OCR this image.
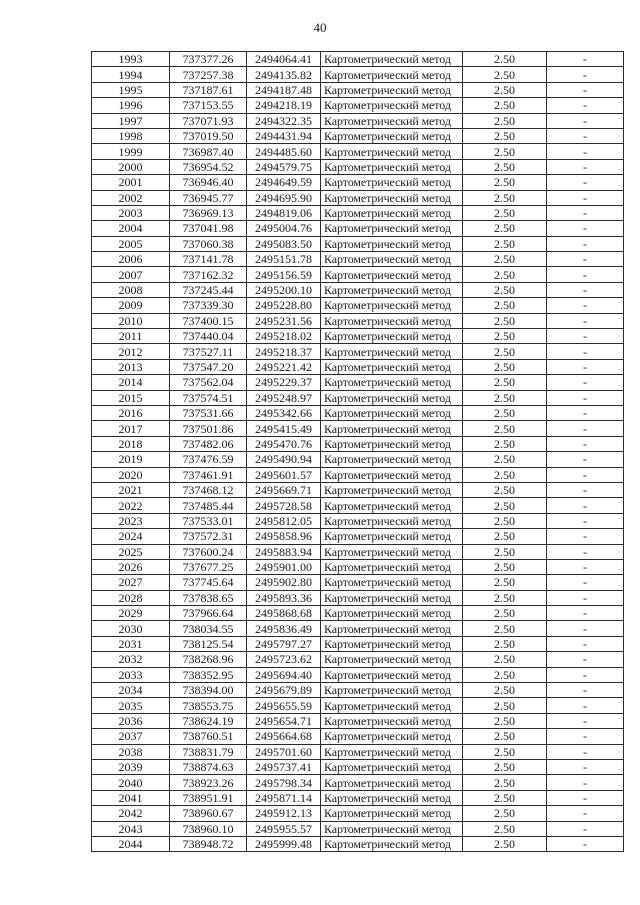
40
1993	737377.26	2494064.41	Картометрический метод	2.50	-
1994	737257.38	2494135.82	Картометрический метод	2.50	-
1995	737187.61	2494187.48	Картометрический метод	2.50	-
1996	737153.55	2494218.19	Картометрический метод	2.50	-
1997	737071.93	2494322.35	Картометрический метод	2.50	-
1998	737019.50	2494431.94	Картометрический метод	2.50	-
1999	736987.40	2494485.60	Картометрический метод	2.50	-
2000	736954.52	2494579.75	Картометрический метод	2.50	-
2001	736946.40	2494649.59	Картометрический метод	2.50	-
2002	736945.77	2494695.90	Картометрический метод	2.50	-
2003	736969.13	2494819.06	Картометрический метод	2.50	-
2004	737041.98	2495004.76	Картометрический метод	2.50	-
2005	737060.38	2495083.50	Картометрический метод	2.50	-
2006	737141.78	2495151.78	Картометрический метод	2.50	-
2007	737162.32	2495156.59	Картометрический метод	2.50	-
2008	737245.44	2495200.10	Картометрический метод	2.50	-
2009	737339.30	2495228.80	Картометрический метод	2.50	-
2010	737400.15	2495231.56	Картометрический метод	2.50	-
2011	737440.04	2495218.02	Картометрический метод	2.50	-
2012	737527.11	2495218.37	Картометрический метод	2.50	-
2013	737547.20	2495221.42	Картометрический метод	2.50	-
2014	737562.04	2495229.37	Картометрический метод	2.50	-
2015	737574.51	2495248.97	Картометрический метод	2.50	-
2016	737531.66	2495342.66	Картометрический метод	2.50	-
2017	737501.86	2495415.49	Картометрический метод	2.50	-
2018	737482.06	2495470.76	Картометрический метод	2.50	-
2019	737476.59	2495490.94	Картометрический метод	2.50	-
2020	737461.91	2495601.57	Картометрический метод	2.50	-
2021	737468.12	2495669.71	Картометрический метод	2.50	-
2022	737485.44	2495728.58	Картометрический метод	2.50	-
2023	737533.01	2495812.05	Картометрический метод	2.50	-
2024	737572.31	2495858.96	Картометрический метод	2.50	-
2025	737600.24	2495883.94	Картометрический метод	2.50	-
2026	737677.25	2495901.00	Картометрический метод	2.50	-
2027	737745.64	2495902.80	Картометрический метод	2.50	-
2028	737838.65	2495893.36	Картометрический метод	2.50	-
2029	737966.64	2495868.68	Картометрический метод	2.50	-
2030	738034.55	2495836.49	Картометрический метод	2.50	-
2031	738125.54	2495797.27	Картометрический метод	2.50	-
2032	738268.96	2495723.62	Картометрический метод	2.50	-
2033	738352.95	2495694.40	Картометрический метод	2.50	-
2034	738394.00	2495679.89	Картометрический метод	2.50	-
2035	738553.75	2495655.59	Картометрический метод	2.50	-
2036	738624.19	2495654.71	Картометрический метод	2.50	-
2037	738760.51	2495664.68	Картометрический метод	2.50	-
2038	738831.79	2495701.60	Картометрический метод	2.50	-
2039	738874.63	2495737.41	Картометрический метод	2.50	-
2040	738923.26	2495798.34	Картометрический метод	2.50	-
2041	738951.91	2495871.14	Картометрический метод	2.50	-
2042	738960.67	2495912.13	Картометрический метод	2.50	-
2043	738960.10	2495955.57	Картометрический метод	2.50	-
2044	738948.72	2495999.48	Картометрический метод	2.50	-
